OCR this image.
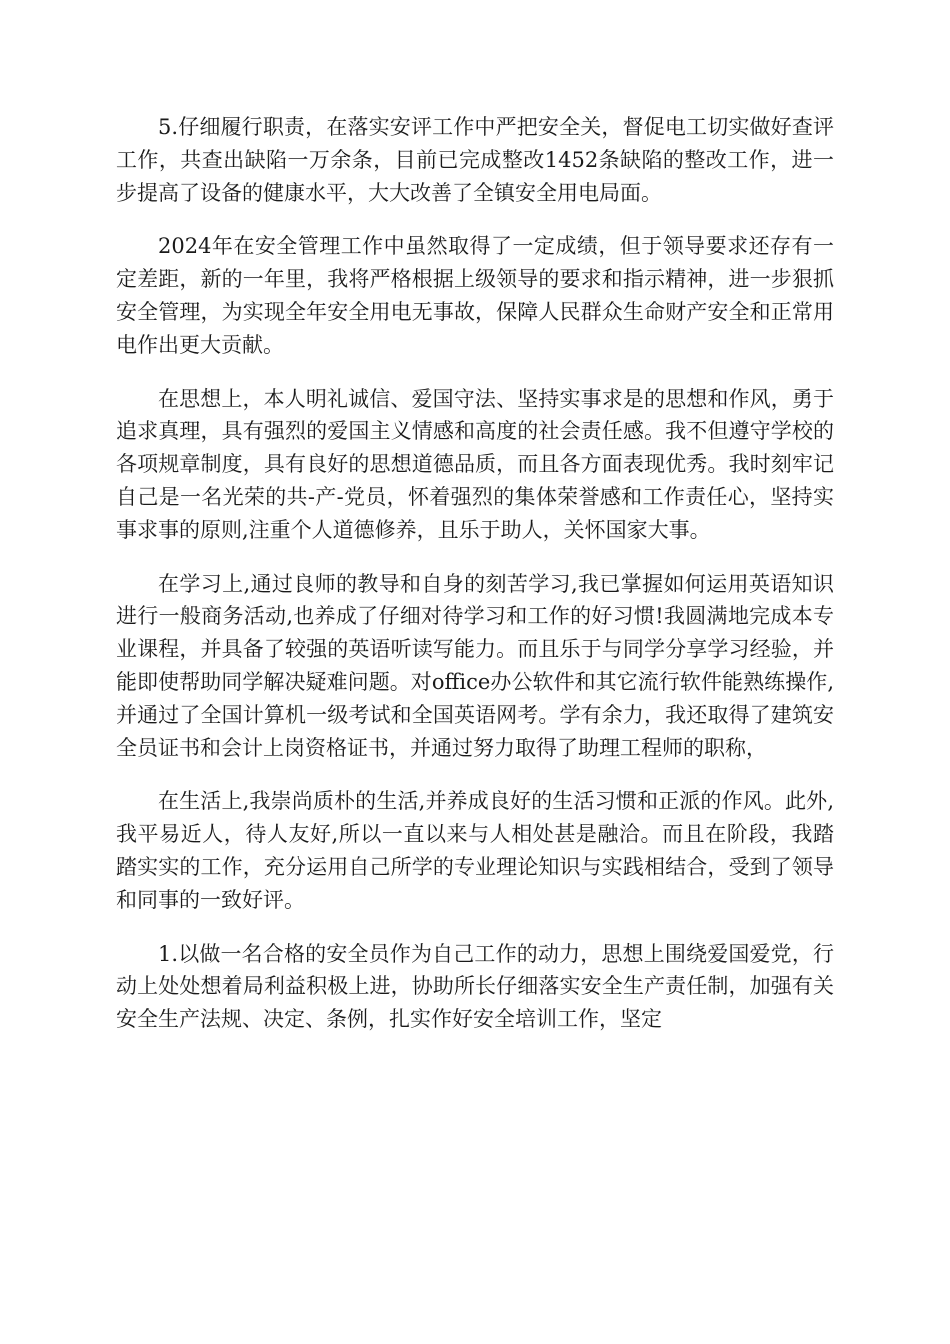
5.仔细履行职责，在落实安评工作中严把安全关，督促电工切实做好查评工作，共查出缺陷一万余条，目前已完成整改1452条缺陷的整改工作，进一步提高了设备的健康水平，大大改善了全镇安全用电局面。

2024年在安全管理工作中虽然取得了一定成绩，但于领导要求还存有一定差距，新的一年里，我将严格根据上级领导的要求和指示精神，进一步狠抓安全管理，为实现全年安全用电无事故，保障人民群众生命财产安全和正常用电作出更大贡献。

在思想上，本人明礼诚信、爱国守法、坚持实事求是的思想和作风，勇于追求真理，具有强烈的爱国主义情感和高度的社会责任感。我不但遵守学校的各项规章制度，具有良好的思想道德品质，而且各方面表现优秀。我时刻牢记自己是一名光荣的共-产-党员，怀着强烈的集体荣誉感和工作责任心，坚持实事求事的原则,注重个人道德修养，且乐于助人，关怀国家大事。

在学习上,通过良师的教导和自身的刻苦学习,我已掌握如何运用英语知识进行一般商务活动,也养成了仔细对待学习和工作的好习惯!我圆满地完成本专业课程，并具备了较强的英语听读写能力。而且乐于与同学分享学习经验，并能即使帮助同学解决疑难问题。对office办公软件和其它流行软件能熟练操作,并通过了全国计算机一级考试和全国英语网考。学有余力，我还取得了建筑安全员证书和会计上岗资格证书，并通过努力取得了助理工程师的职称，

在生活上,我崇尚质朴的生活,并养成良好的生活习惯和正派的作风。此外,我平易近人，待人友好,所以一直以来与人相处甚是融洽。而且在阶段，我踏踏实实的工作，充分运用自己所学的专业理论知识与实践相结合，受到了领导和同事的一致好评。

1.以做一名合格的安全员作为自己工作的动力，思想上围绕爱国爱党，行动上处处想着局利益积极上进，协助所长仔细落实安全生产责任制，加强有关安全生产法规、决定、条例，扎实作好安全培训工作，坚定
